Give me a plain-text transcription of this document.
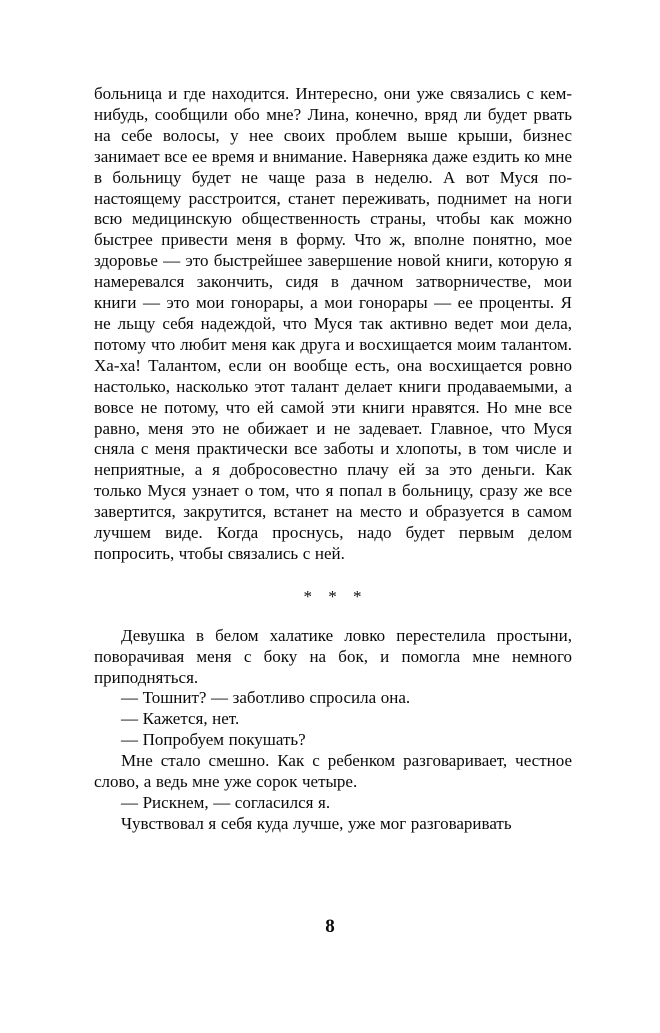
больница и где находится. Интересно, они уже связались с кем-нибудь, сообщили обо мне? Лина, конечно, вряд ли будет рвать на себе волосы, у нее своих проблем выше крыши, бизнес занимает все ее время и внимание. Наверняка даже ездить ко мне в больницу будет не чаще раза в неделю. А вот Муся по-настоящему расстроится, станет переживать, поднимет на ноги всю медицинскую общественность страны, чтобы как можно быстрее привести меня в форму. Что ж, вполне понятно, мое здоровье — это быстрейшее завершение новой книги, которую я намеревался закончить, сидя в дачном затворничестве, мои книги — это мои гонорары, а мои гонорары — ее проценты. Я не льщу себя надеждой, что Муся так активно ведет мои дела, потому что любит меня как друга и восхищается моим талантом. Ха-ха! Талантом, если он вообще есть, она восхищается ровно настолько, насколько этот талант делает книги продаваемыми, а вовсе не потому, что ей самой эти книги нравятся. Но мне все равно, меня это не обижает и не задевает. Главное, что Муся сняла с меня практически все заботы и хлопоты, в том числе и неприятные, а я добросовестно плачу ей за это деньги. Как только Муся узнает о том, что я попал в больницу, сразу же все завертится, закрутится, встанет на место и образуется в самом лучшем виде. Когда проснусь, надо будет первым делом попросить, чтобы связались с ней.

* * *

Девушка в белом халатике ловко перестелила простыни, поворачивая меня с боку на бок, и помогла мне немного приподняться.

— Тошнит? — заботливо спросила она.

— Кажется, нет.

— Попробуем покушать?

Мне стало смешно. Как с ребенком разговаривает, честное слово, а ведь мне уже сорок четыре.

— Рискнем, — согласился я.

Чувствовал я себя куда лучше, уже мог разговаривать

8
